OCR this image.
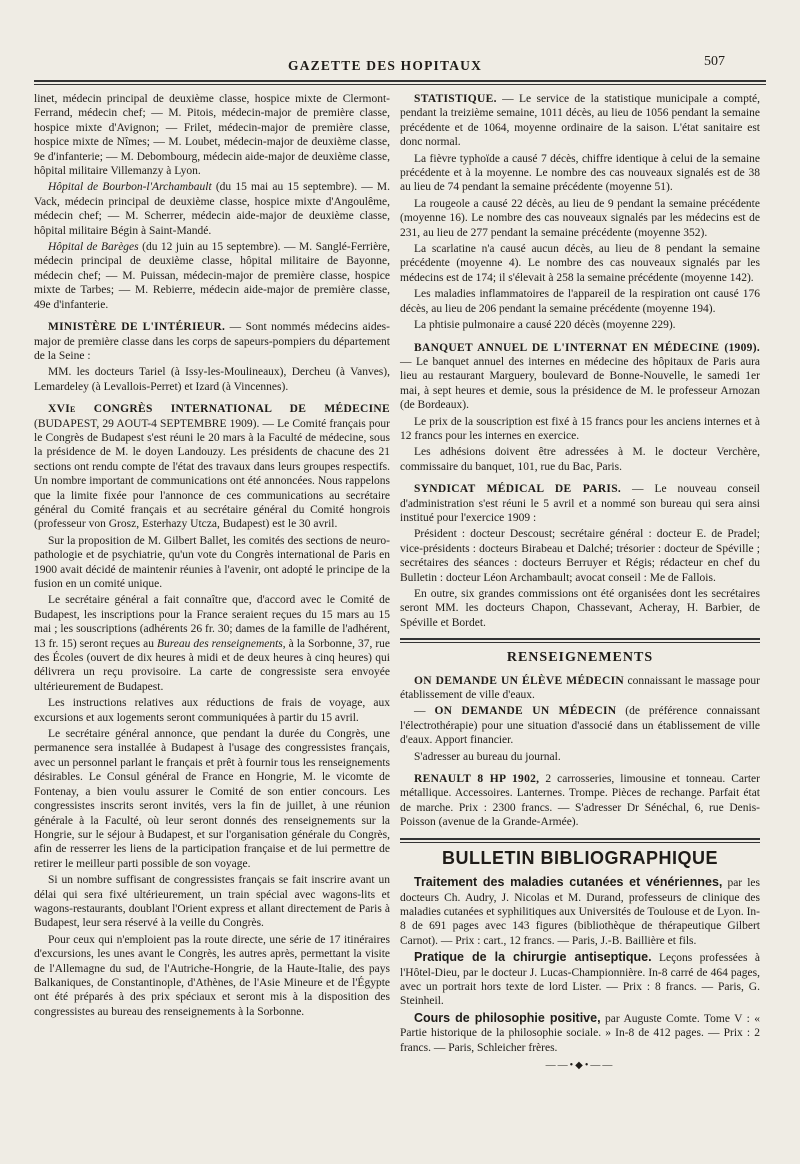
GAZETTE DES HOPITAUX	507

linet, médecin principal de deuxième classe, hospice mixte de Clermont-Ferrand, médecin chef; — M. Pitois, médecin-major de première classe, hospice mixte d'Avignon; — Frilet, médecin-major de première classe, hospice mixte de Nîmes; — M. Loubet, médecin-major de deuxième classe, 9e d'infanterie; — M. Debombourg, médecin aide-major de deuxième classe, hôpital militaire Villemanzy à Lyon.

Hôpital de Bourbon-l'Archambault (du 15 mai au 15 septembre). — M. Vack, médecin principal de deuxième classe, hospice mixte d'Angoulême, médecin chef; — M. Scherrer, médecin aide-major de deuxième classe, hôpital militaire Bégin à Saint-Mandé.

Hôpital de Barèges (du 12 juin au 15 septembre). — M. Sanglé-Ferrière, médecin principal de deuxième classe, hôpital militaire de Bayonne, médecin chef; — M. Puissan, médecin-major de première classe, hospice mixte de Tarbes; — M. Rebierre, médecin aide-major de première classe, 49e d'infanterie.

MINISTÈRE DE L'INTÉRIEUR. — Sont nommés médecins aides-major de première classe dans les corps de sapeurs-pompiers du département de la Seine :

MM. les docteurs Tariel (à Issy-les-Moulineaux), Dercheu (à Vanves), Lemardeley (à Levallois-Perret) et Izard (à Vincennes).

XVIe CONGRÈS INTERNATIONAL DE MÉDECINE (BUDAPEST, 29 AOUT-4 SEPTEMBRE 1909). — Le Comité français pour le Congrès de Budapest s'est réuni le 20 mars à la Faculté de médecine, sous la présidence de M. le doyen Landouzy. Les présidents de chacune des 21 sections ont rendu compte de l'état des travaux dans leurs groupes respectifs. Un nombre important de communications ont été annoncées. Nous rappelons que la limite fixée pour l'annonce de ces communications au secrétaire général du Comité français et au secrétaire général du Comité hongrois (professeur von Grosz, Esterhazy Utcza, Budapest) est le 30 avril.

Sur la proposition de M. Gilbert Ballet, les comités des sections de neuro-pathologie et de psychiatrie, qu'un vote du Congrès international de Paris en 1900 avait décidé de maintenir réunies à l'avenir, ont adopté le principe de la fusion en un comité unique.

Le secrétaire général a fait connaître que, d'accord avec le Comité de Budapest, les inscriptions pour la France seraient reçues du 15 mars au 15 mai ; les souscriptions (adhérents 26 fr. 30; dames de la famille de l'adhérent, 13 fr. 15) seront reçues au Bureau des renseignements, à la Sorbonne, 37, rue des Écoles (ouvert de dix heures à midi et de deux heures à cinq heures) qui délivrera un reçu provisoire. La carte de congressiste sera envoyée ultérieurement de Budapest.

Les instructions relatives aux réductions de frais de voyage, aux excursions et aux logements seront communiquées à partir du 15 avril.

Le secrétaire général annonce, que pendant la durée du Congrès, une permanence sera installée à Budapest à l'usage des congressistes français, avec un personnel parlant le français et prêt à fournir tous les renseignements désirables. Le Consul général de France en Hongrie, M. le vicomte de Fontenay, a bien voulu assurer le Comité de son entier concours. Les congressistes inscrits seront invités, vers la fin de juillet, à une réunion générale à la Faculté, où leur seront donnés des renseignements sur la Hongrie, sur le séjour à Budapest, et sur l'organisation générale du Congrès, afin de resserrer les liens de la participation française et de lui permettre de retirer le meilleur parti possible de son voyage.

Si un nombre suffisant de congressistes français se fait inscrire avant un délai qui sera fixé ultérieurement, un train spécial avec wagons-lits et wagons-restaurants, doublant l'Orient express et allant directement de Paris à Budapest, leur sera réservé à la veille du Congrès.

Pour ceux qui n'emploient pas la route directe, une série de 17 itinéraires d'excursions, les unes avant le Congrès, les autres après, permettant la visite de l'Allemagne du sud, de l'Autriche-Hongrie, de la Haute-Italie, des pays Balkaniques, de Constantinople, d'Athènes, de l'Asie Mineure et de l'Égypte ont été préparés à des prix spéciaux et seront mis à la disposition des congressistes au bureau des renseignements à la Sorbonne.

STATISTIQUE. — Le service de la statistique municipale a compté, pendant la treizième semaine, 1011 décès, au lieu de 1056 pendant la semaine précédente et de 1064, moyenne ordinaire de la saison. L'état sanitaire est donc normal.

La fièvre typhoïde a causé 7 décès, chiffre identique à celui de la semaine précédente et à la moyenne. Le nombre des cas nouveaux signalés est de 38 au lieu de 74 pendant la semaine précédente (moyenne 51).

La rougeole a causé 22 décès, au lieu de 9 pendant la semaine précédente (moyenne 16). Le nombre des cas nouveaux signalés par les médecins est de 231, au lieu de 277 pendant la semaine précédente (moyenne 352).

La scarlatine n'a causé aucun décès, au lieu de 8 pendant la semaine précédente (moyenne 4). Le nombre des cas nouveaux signalés par les médecins est de 174; il s'élevait à 258 la semaine précédente (moyenne 142).

Les maladies inflammatoires de l'appareil de la respiration ont causé 176 décès, au lieu de 206 pendant la semaine précédente (moyenne 194).

La phtisie pulmonaire a causé 220 décès (moyenne 229).

BANQUET ANNUEL DE L'INTERNAT EN MÉDECINE (1909). — Le banquet annuel des internes en médecine des hôpitaux de Paris aura lieu au restaurant Marguery, boulevard de Bonne-Nouvelle, le samedi 1er mai, à sept heures et demie, sous la présidence de M. le professeur Arnozan (de Bordeaux).

Le prix de la souscription est fixé à 15 francs pour les anciens internes et à 12 francs pour les internes en exercice.

Les adhésions doivent être adressées à M. le docteur Verchère, commissaire du banquet, 101, rue du Bac, Paris.

SYNDICAT MÉDICAL DE PARIS. — Le nouveau conseil d'administration s'est réuni le 5 avril et a nommé son bureau qui sera ainsi institué pour l'exercice 1909 :

Président : docteur Descoust; secrétaire général : docteur E. de Pradel; vice-présidents : docteurs Birabeau et Dalché; trésorier : docteur de Spéville ; secrétaires des séances : docteurs Berruyer et Régis; rédacteur en chef du Bulletin : docteur Léon Archambault; avocat conseil : Me de Fallois.

En outre, six grandes commissions ont été organisées dont les secrétaires seront MM. les docteurs Chapon, Chassevant, Acheray, H. Barbier, de Spéville et Bordet.

RENSEIGNEMENTS

ON DEMANDE UN ÉLÈVE MÉDECIN connaissant le massage pour établissement de ville d'eaux.

— ON DEMANDE UN MÉDECIN (de préférence connaissant l'électrothérapie) pour une situation d'associé dans un établissement de ville d'eaux. Apport financier.

S'adresser au bureau du journal.

RENAULT 8 HP 1902, 2 carrosseries, limousine et tonneau. Carter métallique. Accessoires. Lanternes. Trompe. Pièces de rechange. Parfait état de marche. Prix : 2300 francs. — S'adresser Dr Sénéchal, 6, rue Denis-Poisson (avenue de la Grande-Armée).

BULLETIN BIBLIOGRAPHIQUE

Traitement des maladies cutanées et vénériennes, par les docteurs Ch. Audry, J. Nicolas et M. Durand, professeurs de clinique des maladies cutanées et syphilitiques aux Universités de Toulouse et de Lyon. In-8 de 691 pages avec 143 figures (bibliothèque de thérapeutique Gilbert Carnot). — Prix : cart., 12 francs. — Paris, J.-B. Baillière et fils.

Pratique de la chirurgie antiseptique. Leçons professées à l'Hôtel-Dieu, par le docteur J. Lucas-Championnière. In-8 carré de 464 pages, avec un portrait hors texte de lord Lister. — Prix : 8 francs. — Paris, G. Steinheil.

Cours de philosophie positive, par Auguste Comte. Tome V : « Partie historique de la philosophie sociale. » In-8 de 412 pages. — Prix : 2 francs. — Paris, Schleicher frères.

——•◆•——
